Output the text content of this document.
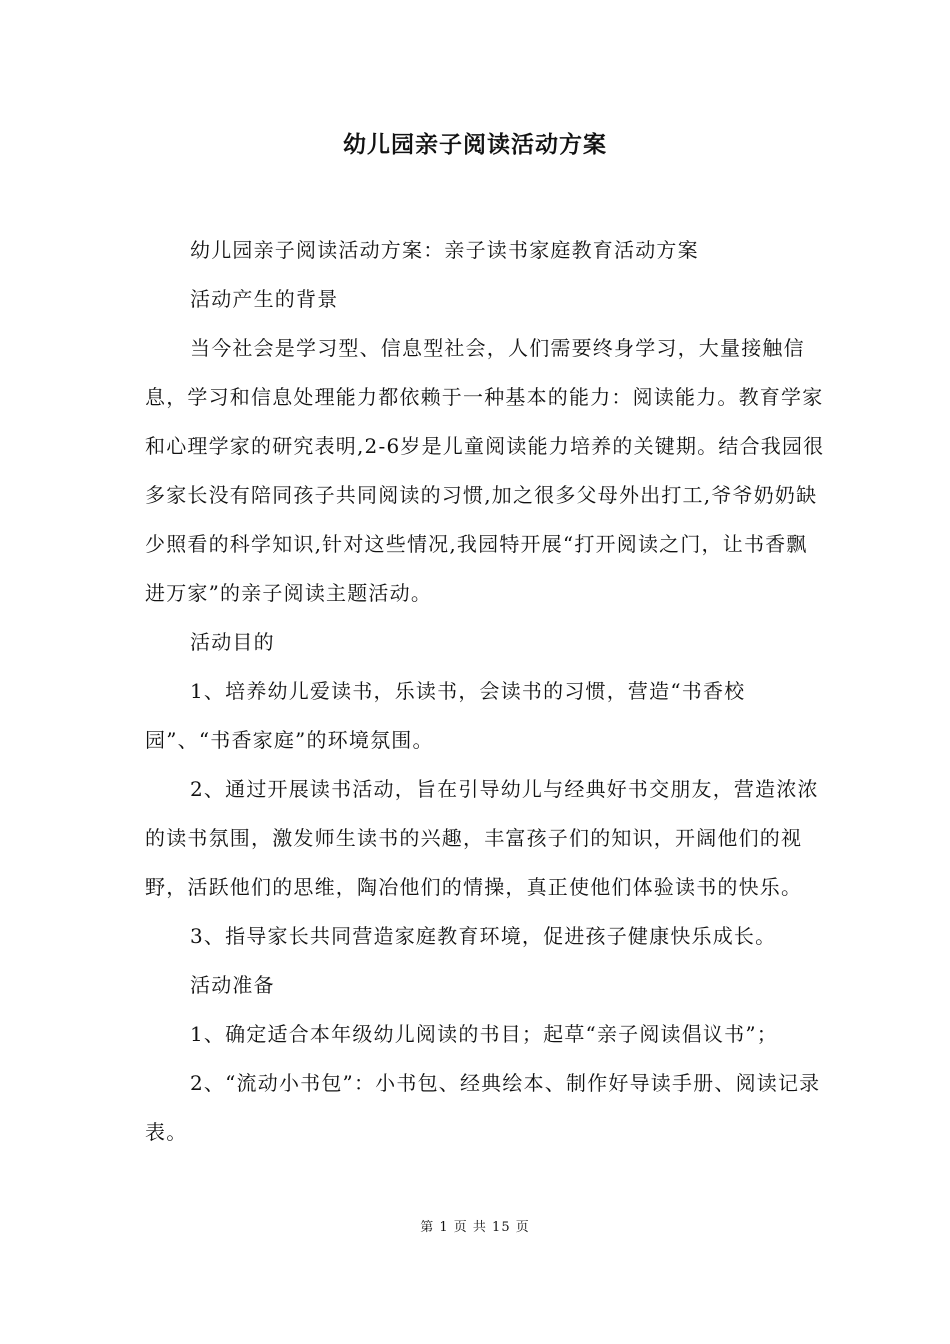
幼儿园亲子阅读活动方案

幼儿园亲子阅读活动方案：亲子读书家庭教育活动方案

活动产生的背景

当今社会是学习型、信息型社会，人们需要终身学习，大量接触信息，学习和信息处理能力都依赖于一种基本的能力：阅读能力。教育学家和心理学家的研究表明,2-6岁是儿童阅读能力培养的关键期。结合我园很多家长没有陪同孩子共同阅读的习惯,加之很多父母外出打工,爷爷奶奶缺少照看的科学知识,针对这些情况,我园特开展“打开阅读之门，让书香飘进万家”的亲子阅读主题活动。

活动目的

1、培养幼儿爱读书，乐读书，会读书的习惯，营造“书香校园”、“书香家庭”的环境氛围。

2、通过开展读书活动，旨在引导幼儿与经典好书交朋友，营造浓浓的读书氛围，激发师生读书的兴趣，丰富孩子们的知识，开阔他们的视野，活跃他们的思维，陶冶他们的情操，真正使他们体验读书的快乐。

3、指导家长共同营造家庭教育环境，促进孩子健康快乐成长。

活动准备

1、确定适合本年级幼儿阅读的书目；起草“亲子阅读倡议书”；

2、“流动小书包”：小书包、经典绘本、制作好导读手册、阅读记录表。

第 1 页 共 15 页
